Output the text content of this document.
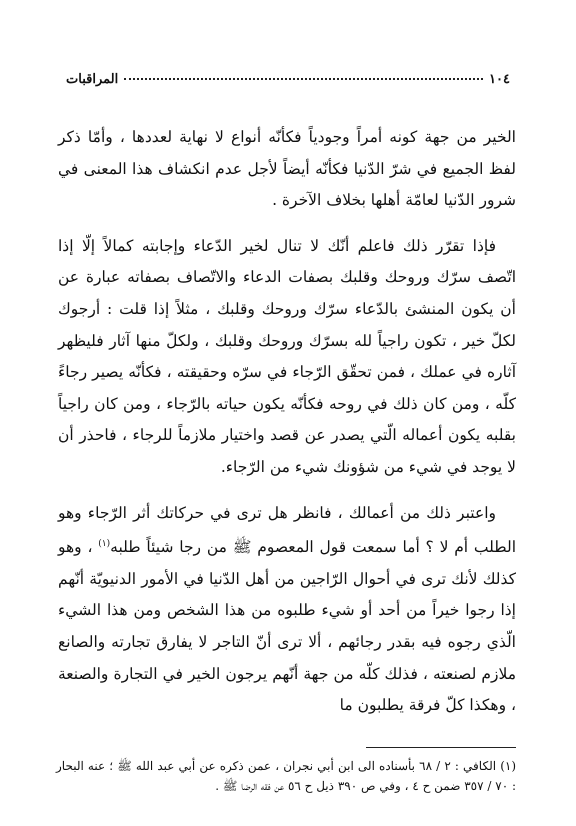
١٠٤
المراقبات

الخير من جهة كونه أمراً وجودياً فكأنّه أنواع لا نهاية لعددها ، وأمّا ذكر لفظ الجميع في شرّ الدّنيا فكأنّه أيضاً لأجل عدم انكشاف هذا المعنى في شرور الدّنيا لعامّة أهلها بخلاف الآخرة .

فإذا تقرّر ذلك فاعلم أنّك لا تنال لخير الدّعاء وإجابته كمالاً إلّا إذا اتّصف سرّك وروحك وقلبك بصفات الدعاء والاتّصاف بصفاته عبارة عن أن يكون المنشئ بالدّعاء سرّك وروحك وقلبك ، مثلاً إذا قلت : أرجوك لكلّ خير ، تكون راجياً لله بسرّك وروحك وقلبك ، ولكلّ منها آثار فليظهر آثاره في عملك ، فمن تحقّق الرّجاء في سرّه وحقيقته ، فكأنّه يصير رجاءً كلّه ، ومن كان ذلك في روحه فكأنّه يكون حياته بالرّجاء ، ومن كان راجياً بقلبه يكون أعماله الّتي يصدر عن قصد واختيار ملازماً للرجاء ، فاحذر أن لا يوجد في شيء من شؤونك شيء من الرّجاء.

واعتبر ذلك من أعمالك ، فانظر هل ترى في حركاتك أثر الرّجاء وهو الطلب أم لا ؟ أما سمعت قول المعصوم ﷺ من رجا شيئاً طلبه$^{(١)}$ ، وهو كذلك لأنك ترى في أحوال الرّاجين من أهل الدّنيا في الأمور الدنيويّة أنّهم إذا رجوا خيراً من أحد أو شيء طلبوه من هذا الشخص ومن هذا الشيء الّذي رجوه فيه بقدر رجائهم ، ألا ترى أنّ التاجر لا يفارق تجارته والصانع ملازم لصنعته ، فذلك كلّه من جهة أنّهم يرجون الخير في التجارة والصنعة ، وهكذا كلّ فرقة يطلبون ما

(١) الكافي : ٢ / ٦٨ بأسناده الى ابن أبي نجران ، عمن ذكره عن أبي عبد الله ﷺ ؛ عنه البحار : ٧٠ / ٣٥٧ ضمن ح ٤ ، وفي ص ٣٩٠ ذيل ح ٥٦ عن فقه الرضا ﷺ .
